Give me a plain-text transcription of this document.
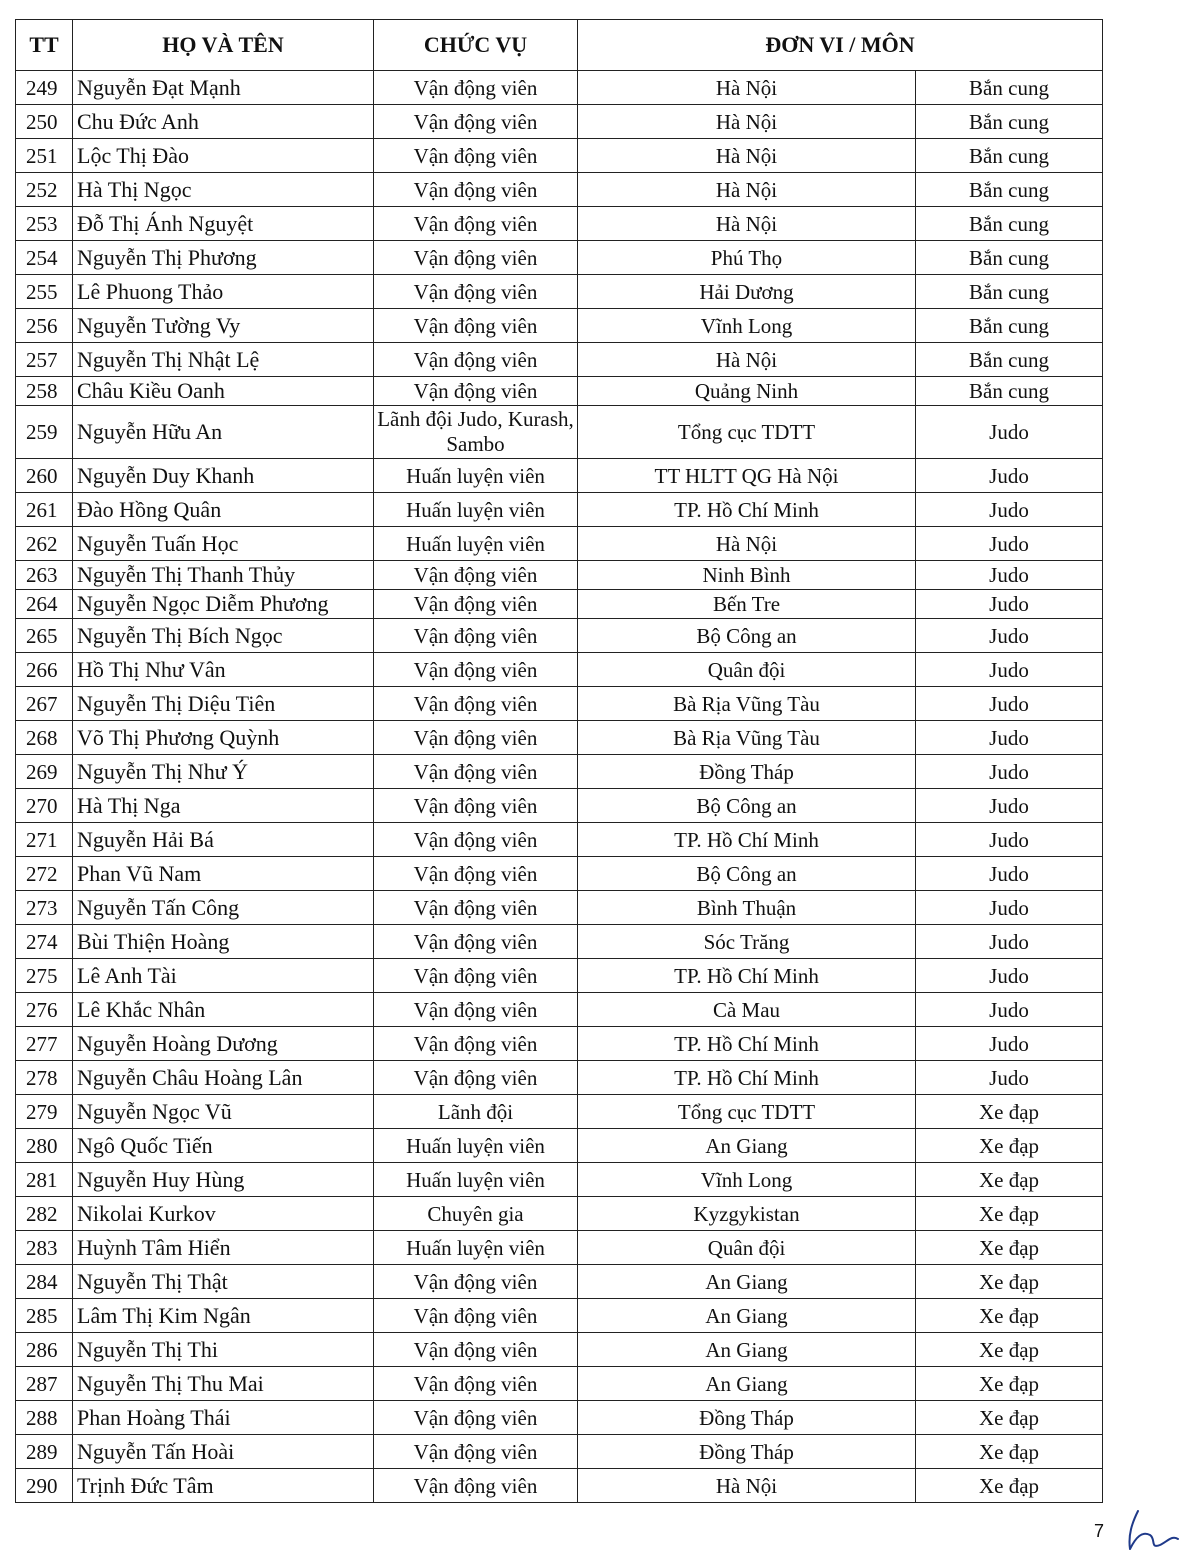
TT	HỌ VÀ TÊN	CHỨC VỤ	ĐƠN VI / MÔN	
249	Nguyễn Đạt Mạnh	Vận động viên	Hà Nội	Bắn cung
250	Chu Đức Anh	Vận động viên	Hà Nội	Bắn cung
251	Lộc Thị Đào	Vận động viên	Hà Nội	Bắn cung
252	Hà Thị Ngọc	Vận động viên	Hà Nội	Bắn cung
253	Đỗ Thị Ánh Nguyệt	Vận động viên	Hà Nội	Bắn cung
254	Nguyễn Thị Phương	Vận động viên	Phú Thọ	Bắn cung
255	Lê Phuong Thảo	Vận động viên	Hải Dương	Bắn cung
256	Nguyễn Tường Vy	Vận động viên	Vĩnh Long	Bắn cung
257	Nguyễn Thị Nhật Lệ	Vận động viên	Hà Nội	Bắn cung
258	Châu Kiều Oanh	Vận động viên	Quảng Ninh	Bắn cung
259	Nguyễn Hữu An	Lãnh đội Judo, Kurash, Sambo	Tổng cục TDTT	Judo
260	Nguyễn Duy Khanh	Huấn luyện viên	TT HLTT QG Hà Nội	Judo
261	Đào Hồng Quân	Huấn luyện viên	TP. Hồ Chí Minh	Judo
262	Nguyễn Tuấn Học	Huấn luyện viên	Hà Nội	Judo
263	Nguyễn Thị Thanh Thủy	Vận động viên	Ninh Bình	Judo
264	Nguyễn Ngọc Diễm Phương	Vận động viên	Bến Tre	Judo
265	Nguyễn Thị Bích Ngọc	Vận động viên	Bộ Công an	Judo
266	Hồ Thị Như Vân	Vận động viên	Quân đội	Judo
267	Nguyễn Thị Diệu Tiên	Vận động viên	Bà Rịa Vũng Tàu	Judo
268	Võ Thị Phương Quỳnh	Vận động viên	Bà Rịa Vũng Tàu	Judo
269	Nguyễn Thị Như Ý	Vận động viên	Đồng Tháp	Judo
270	Hà Thị Nga	Vận động viên	Bộ Công an	Judo
271	Nguyễn Hải Bá	Vận động viên	TP. Hồ Chí Minh	Judo
272	Phan Vũ Nam	Vận động viên	Bộ Công an	Judo
273	Nguyễn Tấn Công	Vận động viên	Bình Thuận	Judo
274	Bùi Thiện Hoàng	Vận động viên	Sóc Trăng	Judo
275	Lê Anh Tài	Vận động viên	TP. Hồ Chí Minh	Judo
276	Lê Khắc Nhân	Vận động viên	Cà Mau	Judo
277	Nguyễn Hoàng Dương	Vận động viên	TP. Hồ Chí Minh	Judo
278	Nguyễn Châu Hoàng Lân	Vận động viên	TP. Hồ Chí Minh	Judo
279	Nguyễn Ngọc Vũ	Lãnh đội	Tổng cục TDTT	Xe đạp
280	Ngô Quốc Tiến	Huấn luyện viên	An Giang	Xe đạp
281	Nguyễn Huy Hùng	Huấn luyện viên	Vĩnh Long	Xe đạp
282	Nikolai Kurkov	Chuyên gia	Kyzgykistan	Xe đạp
283	Huỳnh Tâm Hiển	Huấn luyện viên	Quân đội	Xe đạp
284	Nguyễn Thị Thật	Vận động viên	An Giang	Xe đạp
285	Lâm Thị Kim Ngân	Vận động viên	An Giang	Xe đạp
286	Nguyễn Thị Thi	Vận động viên	An Giang	Xe đạp
287	Nguyễn Thị Thu Mai	Vận động viên	An Giang	Xe đạp
288	Phan Hoàng Thái	Vận động viên	Đồng Tháp	Xe đạp
289	Nguyễn Tấn Hoài	Vận động viên	Đồng Tháp	Xe đạp
290	Trịnh Đức Tâm	Vận động viên	Hà Nội	Xe đạp
7
